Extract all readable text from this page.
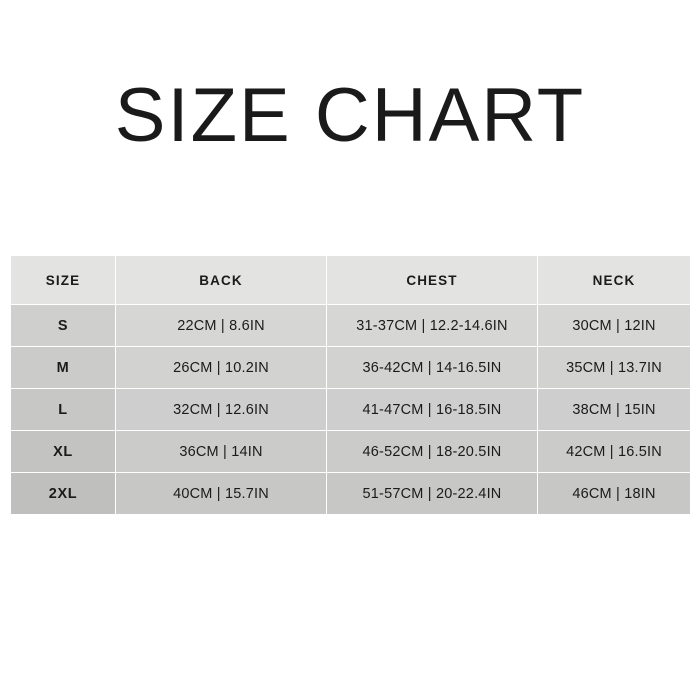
SIZE CHART
SIZE	BACK	CHEST	NECK
S	22CM | 8.6IN	31-37CM | 12.2-14.6IN	30CM | 12IN
M	26CM | 10.2IN	36-42CM | 14-16.5IN	35CM | 13.7IN
L	32CM | 12.6IN	41-47CM | 16-18.5IN	38CM | 15IN
XL	36CM | 14IN	46-52CM | 18-20.5IN	42CM | 16.5IN
2XL	40CM | 15.7IN	51-57CM | 20-22.4IN	46CM | 18IN
